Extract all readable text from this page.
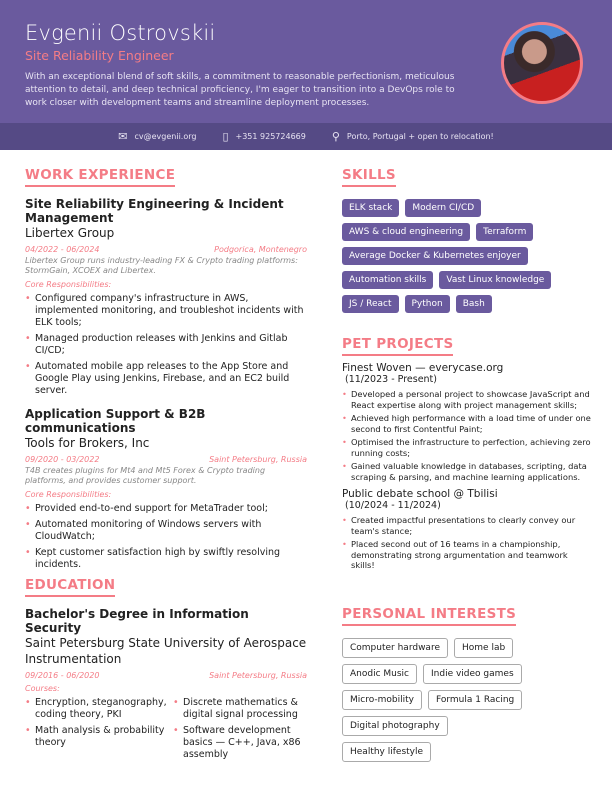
Evgenii Ostrovskii
Site Reliability Engineer
With an exceptional blend of soft skills, a commitment to reasonable perfectionism, meticulous attention to detail, and deep technical proficiency, I'm eager to transition into a DevOps role to work closer with development teams and streamline deployment processes.
✉ cv@evgenii.org ▯ +351 925724669 ⚲ Porto, Portugal + open to relocation!
WORK EXPERIENCE
Site Reliability Engineering & Incident Management
Libertex Group
04/2022 - 06/2024	Podgorica, Montenegro
Libertex Group runs industry-leading FX & Crypto trading platforms: StormGain, XCOEX and Libertex.
Core Responsibilities:
• Configured company's infrastructure in AWS, implemented monitoring, and troubleshot incidents with ELK tools;
• Managed production releases with Jenkins and Gitlab CI/CD;
• Automated mobile app releases to the App Store and Google Play using Jenkins, Firebase, and an EC2 build server.
Application Support & B2B communications
Tools for Brokers, Inc
09/2020 - 03/2022	Saint Petersburg, Russia
T4B creates plugins for Mt4 and Mt5 Forex & Crypto trading platforms, and provides customer support.
Core Responsibilities:
• Provided end-to-end support for MetaTrader tool;
• Automated monitoring of Windows servers with CloudWatch;
• Kept customer satisfaction high by swiftly resolving incidents.
EDUCATION
Bachelor's Degree in Information Security
Saint Petersburg State University of Aerospace Instrumentation
09/2016 - 06/2020	Saint Petersburg, Russia
Courses:
• Encryption, steganography, coding theory, PKI
• Discrete mathematics & digital signal processing
• Math analysis & probability theory
• Software development basics — C++, Java, x86 assembly
SKILLS
ELK stack	Modern CI/CD
AWS & cloud engineering	Terraform
Average Docker & Kubernetes enjoyer
Automation skills	Vast Linux knowledge
JS / React	Python	Bash
PET PROJECTS
Finest Woven — everycase.org
(11/2023 - Present)
• Developed a personal project to showcase JavaScript and React expertise along with project management skills;
• Achieved high performance with a load time of under one second to first Contentful Paint;
• Optimised the infrastructure to perfection, achieving zero running costs;
• Gained valuable knowledge in databases, scripting, data scraping & parsing, and machine learning applications.
Public debate school @ Tbilisi
(10/2024 - 11/2024)
• Created impactful presentations to clearly convey our team's stance;
• Placed second out of 16 teams in a championship, demonstrating strong argumentation and teamwork skills!
PERSONAL INTERESTS
Computer hardware	Home lab
Anodic Music	Indie video games
Micro-mobility	Formula 1 Racing
Digital photography
Healthy lifestyle
